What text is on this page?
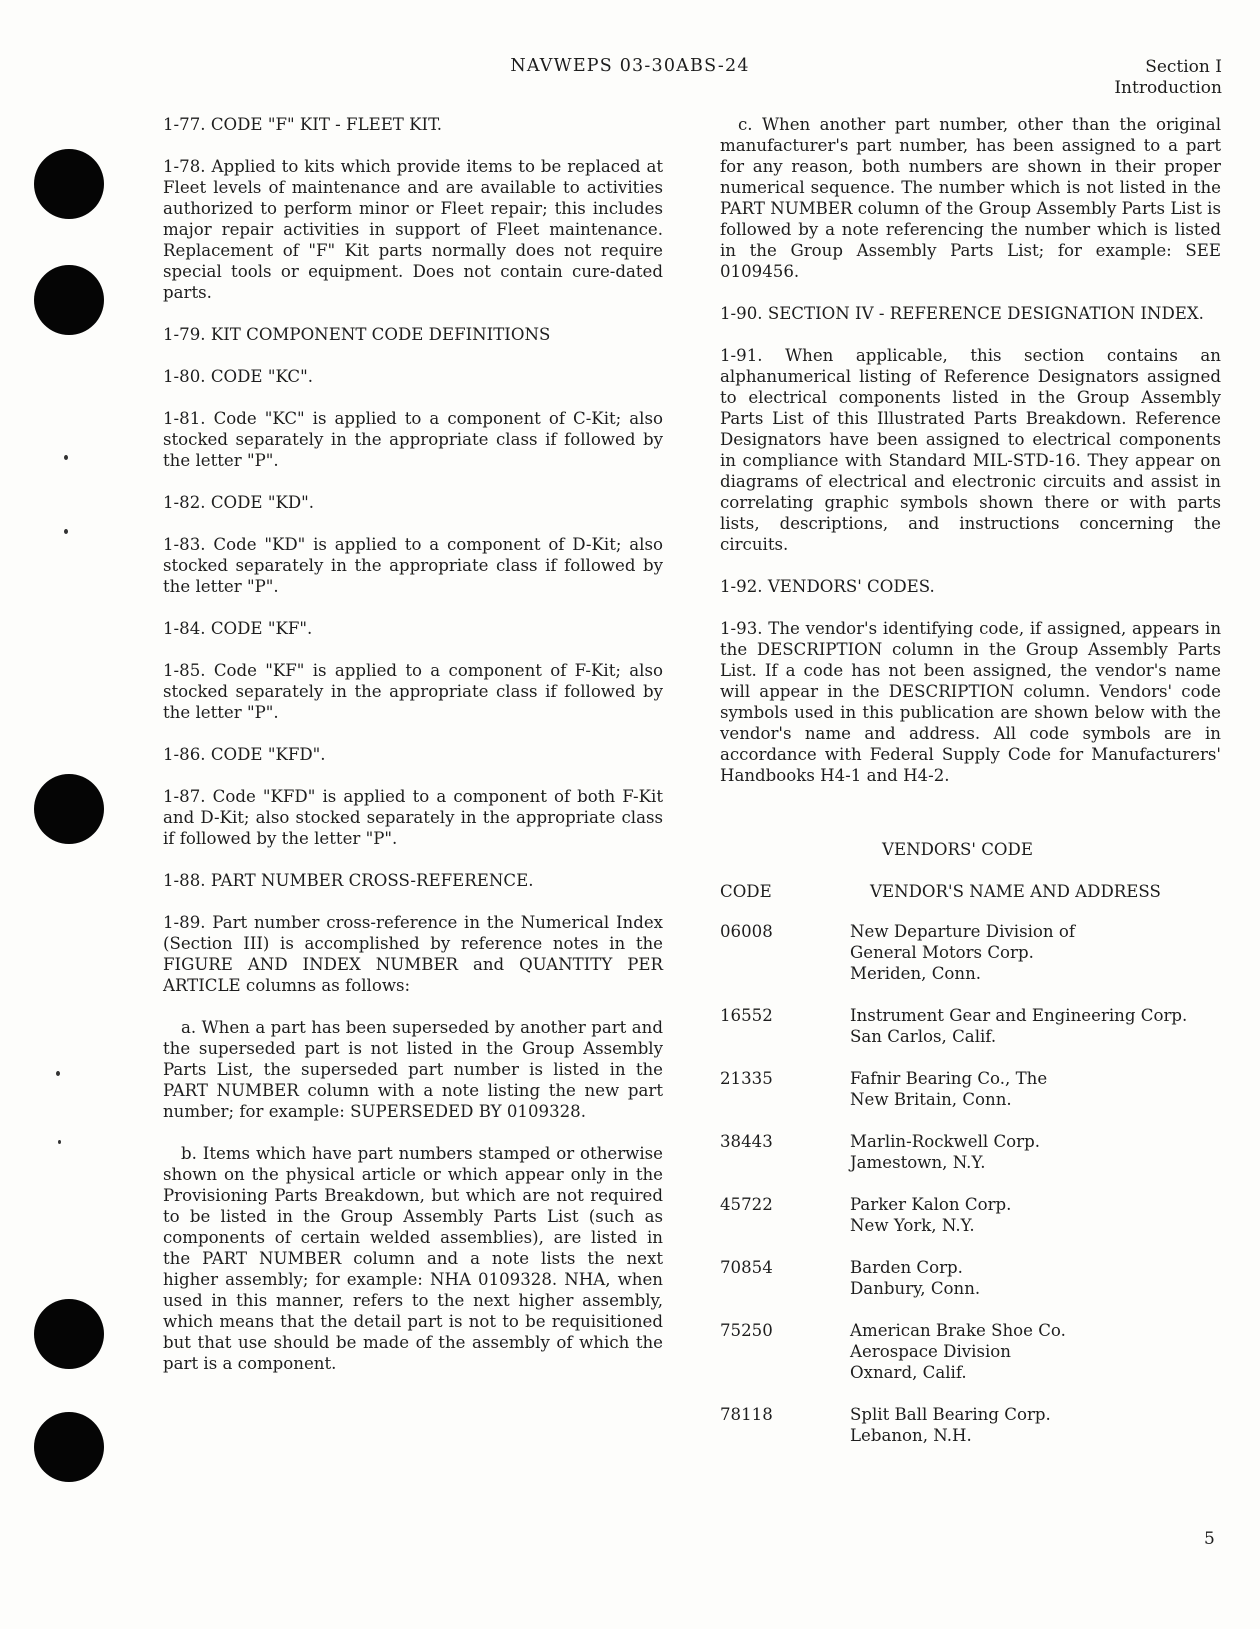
NAVWEPS 03-30ABS-24	Section I
Introduction

1-77. CODE "F" KIT - FLEET KIT.

1-78. Applied to kits which provide items to be replaced at Fleet levels of maintenance and are available to activities authorized to perform minor or Fleet repair; this includes major repair activities in support of Fleet maintenance. Replacement of "F" Kit parts normally does not require special tools or equipment. Does not contain cure-dated parts.

1-79. KIT COMPONENT CODE DEFINITIONS

1-80. CODE "KC".

1-81. Code "KC" is applied to a component of C-Kit; also stocked separately in the appropriate class if followed by the letter "P".

1-82. CODE "KD".

1-83. Code "KD" is applied to a component of D-Kit; also stocked separately in the appropriate class if followed by the letter "P".

1-84. CODE "KF".

1-85. Code "KF" is applied to a component of F-Kit; also stocked separately in the appropriate class if followed by the letter "P".

1-86. CODE "KFD".

1-87. Code "KFD" is applied to a component of both F-Kit and D-Kit; also stocked separately in the appropriate class if followed by the letter "P".

1-88. PART NUMBER CROSS-REFERENCE.

1-89. Part number cross-reference in the Numerical Index (Section III) is accomplished by reference notes in the FIGURE AND INDEX NUMBER and QUANTITY PER ARTICLE columns as follows:

a. When a part has been superseded by another part and the superseded part is not listed in the Group Assembly Parts List, the superseded part number is listed in the PART NUMBER column with a note listing the new part number; for example: SUPERSEDED BY 0109328.

b. Items which have part numbers stamped or otherwise shown on the physical article or which appear only in the Provisioning Parts Breakdown, but which are not required to be listed in the Group Assembly Parts List (such as components of certain welded assemblies), are listed in the PART NUMBER column and a note lists the next higher assembly; for example: NHA 0109328. NHA, when used in this manner, refers to the next higher assembly, which means that the detail part is not to be requisitioned but that use should be made of the assembly of which the part is a component.

c. When another part number, other than the original manufacturer's part number, has been assigned to a part for any reason, both numbers are shown in their proper numerical sequence. The number which is not listed in the PART NUMBER column of the Group Assembly Parts List is followed by a note referencing the number which is listed in the Group Assembly Parts List; for example: SEE 0109456.

1-90. SECTION IV - REFERENCE DESIGNATION INDEX.

1-91. When applicable, this section contains an alphanumerical listing of Reference Designators assigned to electrical components listed in the Group Assembly Parts List of this Illustrated Parts Breakdown. Reference Designators have been assigned to electrical components in compliance with Standard MIL-STD-16. They appear on diagrams of electrical and electronic circuits and assist in correlating graphic symbols shown there or with parts lists, descriptions, and instructions concerning the circuits.

1-92. VENDORS' CODES.

1-93. The vendor's identifying code, if assigned, appears in the DESCRIPTION column in the Group Assembly Parts List. If a code has not been assigned, the vendor's name will appear in the DESCRIPTION column. Vendors' code symbols used in this publication are shown below with the vendor's name and address. All code symbols are in accordance with Federal Supply Code for Manufacturers' Handbooks H4-1 and H4-2.

VENDORS' CODE
CODE	VENDOR'S NAME AND ADDRESS
06008	New Departure Division of
General Motors Corp.
Meriden, Conn.

16552	Instrument Gear and Engineering Corp.
San Carlos, Calif.

21335	Fafnir Bearing Co., The
New Britain, Conn.

38443	Marlin-Rockwell Corp.
Jamestown, N.Y.

45722	Parker Kalon Corp.
New York, N.Y.

70854	Barden Corp.
Danbury, Conn.

75250	American Brake Shoe Co.
Aerospace Division
Oxnard, Calif.

78118	Split Ball Bearing Corp.
Lebanon, N.H.
5
